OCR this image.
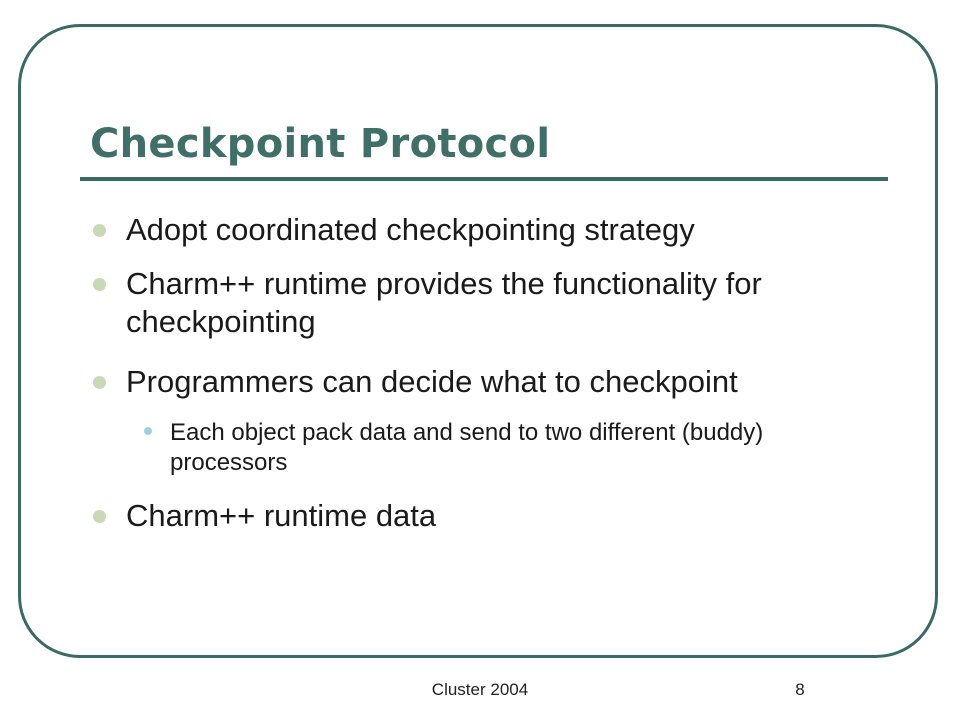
Checkpoint Protocol
Adopt coordinated checkpointing strategy
Charm++ runtime provides the functionality for checkpointing
Programmers can decide what to checkpoint
Each object pack data and send to two different (buddy) processors
Charm++ runtime data
Cluster 2004	8
